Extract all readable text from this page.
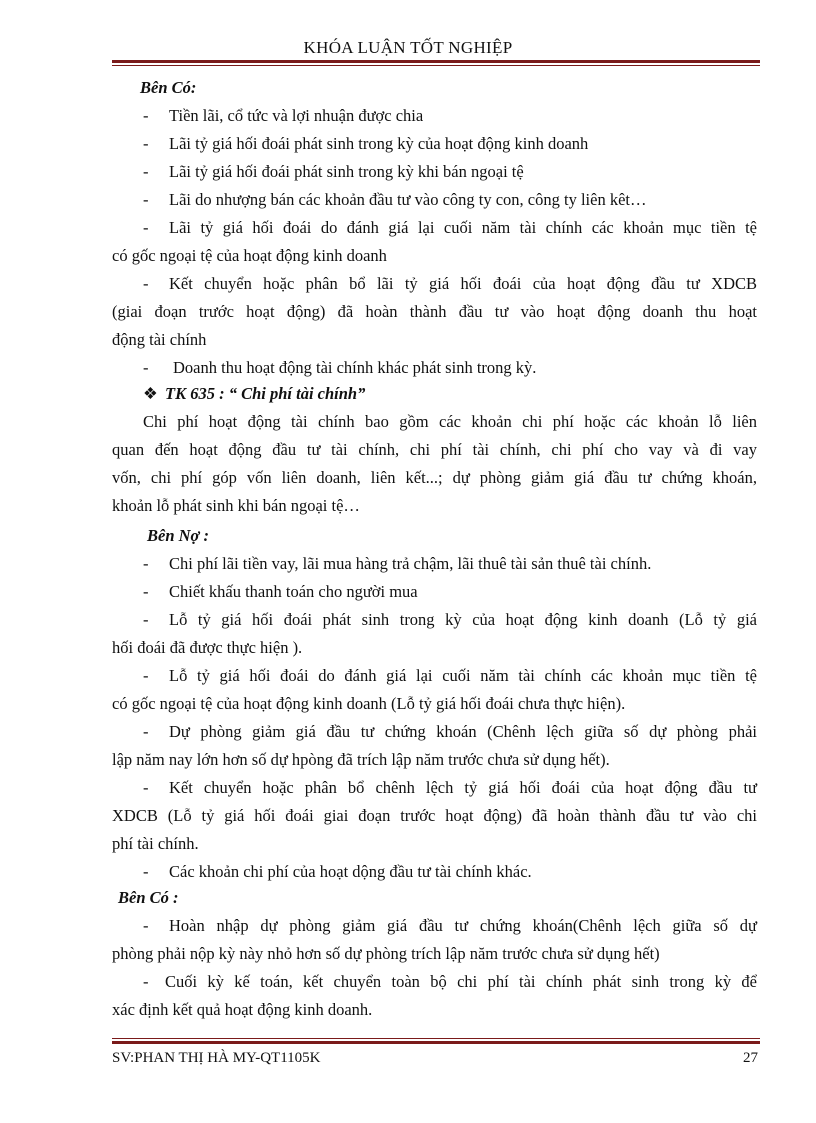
KHÓA LUẬN TỐT NGHIỆP
Bên Có:
- Tiền lãi, cổ tức và lợi nhuận được chia
- Lãi tỷ giá hối đoái phát sinh trong kỳ của hoạt động kinh doanh
- Lãi tỷ giá hối đoái phát sinh trong kỳ khi bán ngoại tệ
- Lãi do nhượng bán các khoản đầu tư vào công ty con, công ty liên kêt…
- Lãi tỷ giá hối đoái do đánh giá lại cuối năm tài chính các khoản mục tiền tệ
có gốc ngoại tệ của hoạt động kinh doanh
- Kết chuyển hoặc phân bổ lãi tỷ giá hối đoái của hoạt động đầu tư XDCB
(giai đoạn trước hoạt động) đã hoàn thành đầu tư vào hoạt động doanh thu hoạt
động tài chính
- Doanh thu hoạt động tài chính khác phát sinh trong kỳ.
❖ TK 635 : “ Chi phí tài chính”
Chi phí hoạt động tài chính bao gồm các khoản chi phí hoặc các khoản lỗ liên
quan đến hoạt động đầu tư tài chính, chi phí tài chính, chi phí cho vay và đi vay
vốn, chi phí góp vốn liên doanh, liên kết...; dự phòng giảm giá đầu tư chứng khoán,
khoản lỗ phát sinh khi bán ngoại tệ…
Bên Nợ :
- Chi phí lãi tiền vay, lãi mua hàng trả chậm, lãi thuê tài sản thuê tài chính.
- Chiết khấu thanh toán cho người mua
- Lỗ tỷ giá hối đoái phát sinh trong kỳ của hoạt động kinh doanh (Lỗ tỷ giá
hối đoái đã được thực hiện ).
- Lỗ tỷ giá hối đoái do đánh giá lại cuối năm tài chính các khoản mục tiền tệ
có gốc ngoại tệ của hoạt động kinh doanh (Lỗ tỷ giá hối đoái chưa thực hiện).
- Dự phòng giảm giá đầu tư chứng khoán (Chênh lệch giữa số dự phòng phải
lập năm nay lớn hơn số dự hpòng đã trích lập năm trước chưa sử dụng hết).
- Kết chuyển hoặc phân bổ chênh lệch tỷ giá hối đoái của hoạt động đầu tư
XDCB (Lỗ tỷ giá hối đoái giai đoạn trước hoạt động) đã hoàn thành đầu tư vào chi
phí tài chính.
- Các khoản chi phí của hoạt dộng đầu tư tài chính khác.
Bên Có :
- Hoàn nhập dự phòng giảm giá đầu tư chứng khoán(Chênh lệch giữa số dự
phòng phải nộp kỳ này nhỏ hơn số dự phòng trích lập năm trước chưa sử dụng hết)
- Cuối kỳ kế toán, kết chuyển toàn bộ chi phí tài chính phát sinh trong kỳ để
xác định kết quả hoạt động kinh doanh.
SV:PHAN THỊ HÀ MY-QT1105K	27
